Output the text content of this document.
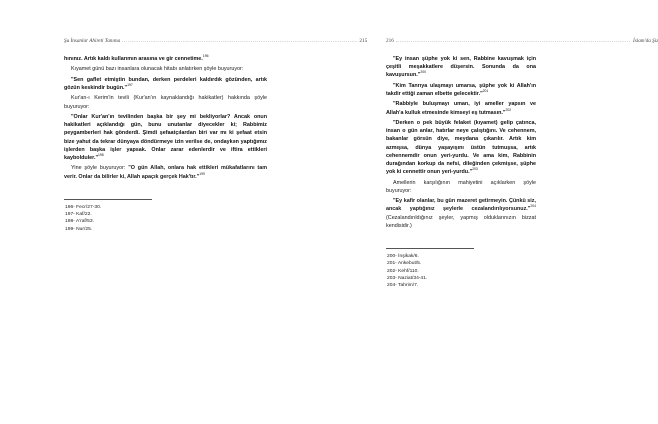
Şu İnsanlar Ahireti Tanıma ............................................................................................................................ 215

hınınız. Artık kaldı kullarımın arasına ve gir cennetime.$^{196}$

Kıyamet günü bazı insanlara olunacak hitabı anlatırken şöyle buyuruyor:

"Sen gaflet etmiştin bundan, derken perdeleri kaldırdık gözünden, artık gözün keskindir bugün."$^{197}$

Kur'an-ı Kerim'in tevili (Kur'an'ın kaynaklandığı hakikatler) hakkında şöyle buyuruyor:

"Onlar Kur'an'ın tevilinden başka bir şey mi bekliyorlar? Ancak onun hakikatleri açıklandığı gün, bunu unutanlar diyecekler ki; Rabbimiz peygamberleri hak gönderdi. Şimdi şefaatçılardan biri var mı ki şefaat etsin bize yahut da tekrar dünyaya döndürmeye izin verilse de, ondaykən yaptığımız işlerden başka işler yapsak. Onlar zarar edenlerdir ve iftira ettikleri kaybolduler."$^{198}$

Yine şöyle buyuruyor: "O gün Allah, onlara hak ettikleri mükafatlarını tam verir. Onlar da bilirler ki, Allah apaçık gerçek Hak'tır."$^{199}$

196- Fecr/27-30.
197- Kaf/22.
198- A'raf/53.
199- Nur/25.
216 ............................................................................................................................ İslam'da Şiə

"Ey insan şüphe yok ki sen, Rabbine kavuşmak için çeşitli meşakkatlere düşersin. Sonunda da ona kavuşursun."$^{200}$

"Kim Tanrıya ulaşmayı umarsa, şüphe yok ki Allah'ın takdir ettiği zaman elbette gelecektir."$^{201}$

"Rabbiyle buluşmayı uman, iyi ameller yapsın ve Allah'a kulluk etmesinde kimseyi eş tutmasın."$^{202}$

"Derken o pek büyük felaket (kıyamet) gelip çatınca, insan o gün anlar, hatırlar neye çalıştığını. Ve cehennem, bakanlar görsün diye, meydana çıkarılır. Artık kim azmışsa, dünya yaşayışını üstün tutmuşsa, artık cehennemdir onun yeri-yurdu. Ve ama kim, Rabbinin durağından korkup da nefsi, dileğinden çekmişse, şüphe yok ki cennettir onun yeri-yurdu."$^{203}$

Amellerin karşılığının mahiyetini açıklarken şöyle buyuruyor:

"Ey kafir olanlar, bu gün mazeret getirmeyin. Çünkü siz, ancak yaptığınız şeylerle cezalandırılıyorsunuz."$^{204}$ (Cezalandırıldığınız şeyler, yapmış olduklarınızın bizzat kendisidir.)

200- İnşikak/6.
201- Ankebut/5.
202- Kehf/110.
203- Naziat/34-41.
204- Tahrim/7.
